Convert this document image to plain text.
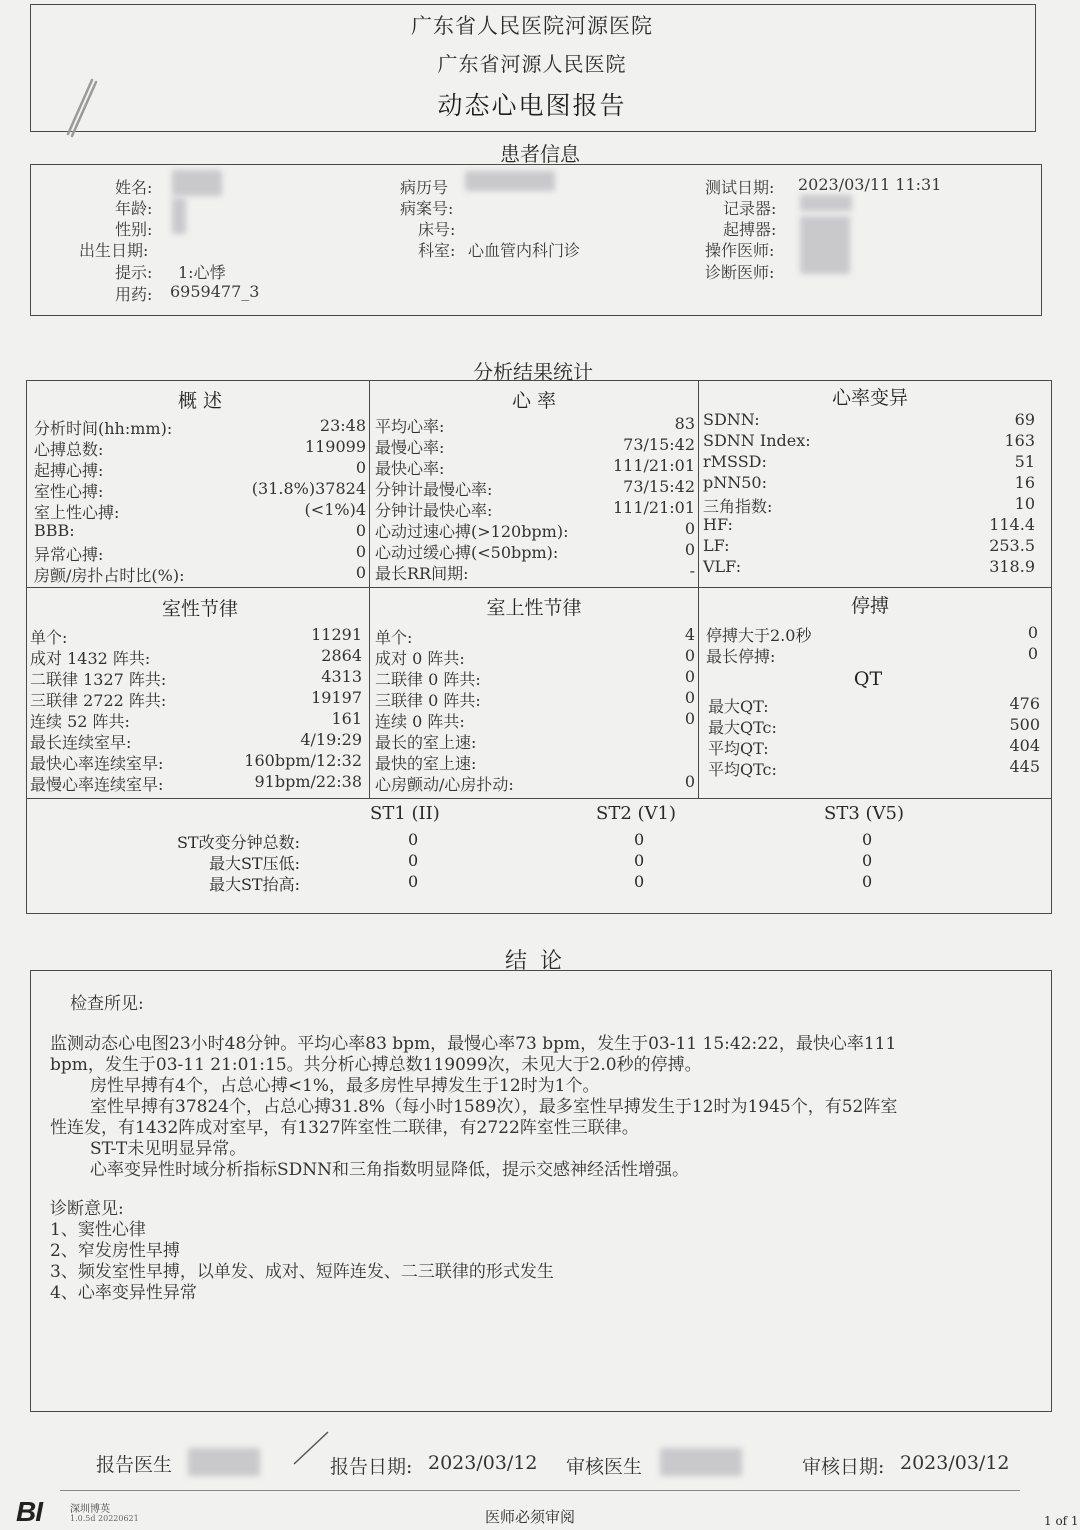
广东省人民医院河源医院
广东省河源人民医院
动态心电图报告
患者信息
姓名:
年龄:
性别:
出生日期:
提示: 1:心悸
用药: 6959477_3
病历号
病案号:
床号:
科室: 心血管内科门诊
测试日期: 2023/03/11 11:31
记录器:
起搏器:
操作医师:
诊断医师:
分析结果统计
概 述
分析时间(hh:mm):	23:48
心搏总数:	119099
起搏心搏:	0
室性心搏:	(31.8%)37824
室上性心搏:	(<1%)4
BBB:	0
异常心搏:	0
房颤/房扑占时比(%):	0
心 率
平均心率:	83
最慢心率:	73/15:42
最快心率:	111/21:01
分钟计最慢心率:	73/15:42
分钟计最快心率:	111/21:01
心动过速心搏(>120bpm):	0
心动过缓心搏(<50bpm):	0
最长RR间期:	-
心率变异
SDNN:	69
SDNN Index:	163
rMSSD:	51
pNN50:	16
三角指数:	10
HF:	114.4
LF:	253.5
VLF:	318.9
室性节律
单个:	11291
成对 1432 阵共:	2864
二联律 1327 阵共:	4313
三联律 2722 阵共:	19197
连续 52 阵共:	161
最长连续室早:	4/19:29
最快心率连续室早:	160bpm/12:32
最慢心率连续室早:	91bpm/22:38
室上性节律
单个:	4
成对 0 阵共:	0
二联律 0 阵共:	0
三联律 0 阵共:	0
连续 0 阵共:	0
最长的室上速:
最快的室上速:
心房颤动/心房扑动:	0
停搏
停搏大于2.0秒	0
最长停搏:	0
QT
最大QT:	476
最大QTc:	500
平均QT:	404
平均QTc:	445
ST1 (II)	ST2 (V1)	ST3 (V5)
ST改变分钟总数:	0	0	0
最大ST压低:	0	0	0
最大ST抬高:	0	0	0
结 论
检查所见:
监测动态心电图23小时48分钟。平均心率83 bpm，最慢心率73 bpm，发生于03-11 15:42:22，最快心率111
bpm，发生于03-11 21:01:15。共分析心搏总数119099次，未见大于2.0秒的停搏。
房性早搏有4个，占总心搏<1%，最多房性早搏发生于12时为1个。
室性早搏有37824个，占总心搏31.8%（每小时1589次），最多室性早搏发生于12时为1945个，有52阵室
性连发，有1432阵成对室早，有1327阵室性二联律，有2722阵室性三联律。
ST-T未见明显异常。
心率变异性时域分析指标SDNN和三角指数明显降低，提示交感神经活性增强。
诊断意见:
1、窦性心律
2、窄发房性早搏
3、频发室性早搏，以单发、成对、短阵连发、二三联律的形式发生
4、心率变异性异常
报告医生	报告日期: 2023/03/12 审核医生	审核日期: 2023/03/12
BI	深圳博英
1.0.5d 20220621	医师必须审阅	1 of 1
